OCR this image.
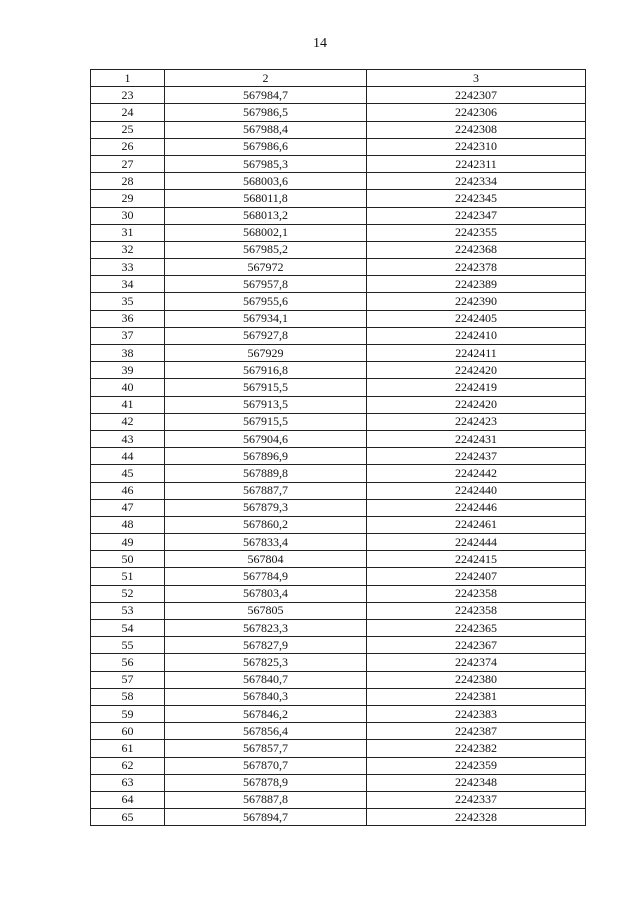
14
1	2	3
23	567984,7	2242307
24	567986,5	2242306
25	567988,4	2242308
26	567986,6	2242310
27	567985,3	2242311
28	568003,6	2242334
29	568011,8	2242345
30	568013,2	2242347
31	568002,1	2242355
32	567985,2	2242368
33	567972	2242378
34	567957,8	2242389
35	567955,6	2242390
36	567934,1	2242405
37	567927,8	2242410
38	567929	2242411
39	567916,8	2242420
40	567915,5	2242419
41	567913,5	2242420
42	567915,5	2242423
43	567904,6	2242431
44	567896,9	2242437
45	567889,8	2242442
46	567887,7	2242440
47	567879,3	2242446
48	567860,2	2242461
49	567833,4	2242444
50	567804	2242415
51	567784,9	2242407
52	567803,4	2242358
53	567805	2242358
54	567823,3	2242365
55	567827,9	2242367
56	567825,3	2242374
57	567840,7	2242380
58	567840,3	2242381
59	567846,2	2242383
60	567856,4	2242387
61	567857,7	2242382
62	567870,7	2242359
63	567878,9	2242348
64	567887,8	2242337
65	567894,7	2242328
